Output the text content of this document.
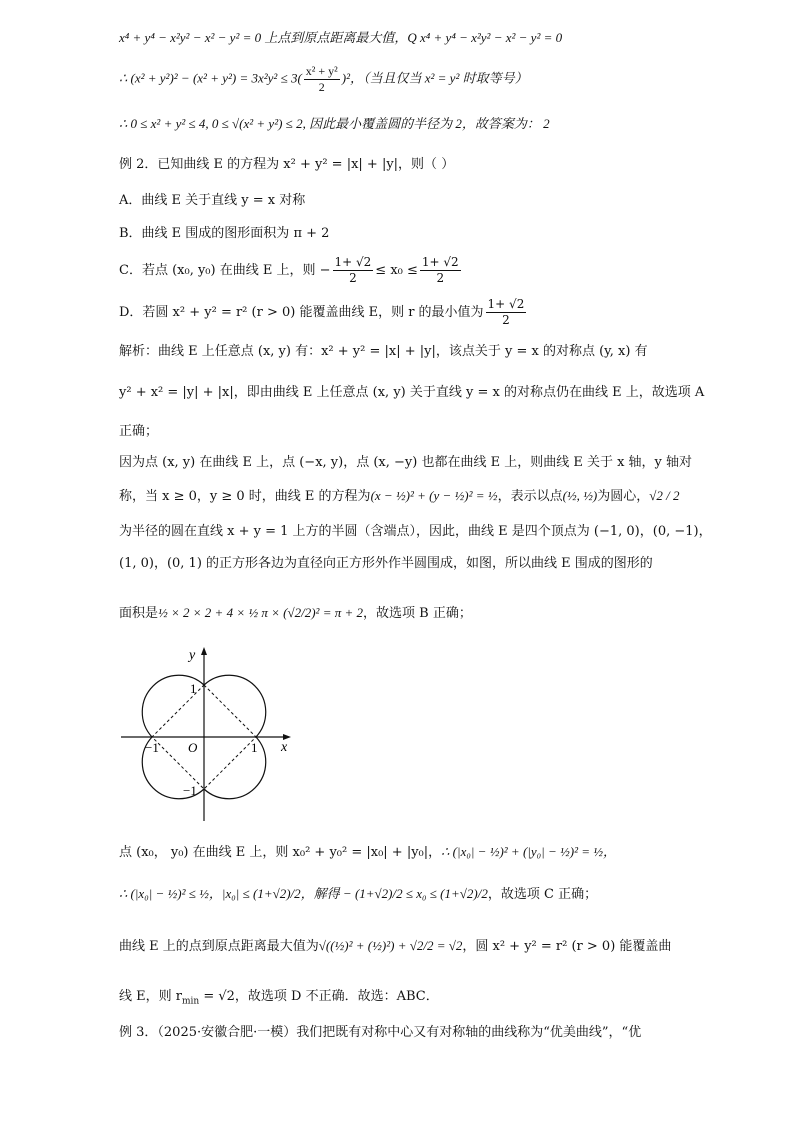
x⁴ + y⁴ − x²y² − x² − y² = 0 上点到原点距离最大值，Q x⁴ + y⁴ − x²y² − x² − y² = 0
∴ $(x^2 + y^2)^2 - (x^2 + y^2) = 3x^2y^2 \le 3( \frac{\text{x² + y²}}{2} )^2$，（当且仅当 x² = y² 时取等号）
∴ 0 ≤ x² + y² ≤ 4, 0 ≤ √(x² + y²) ≤ 2, 因此最小覆盖圆的半径为 2，故答案为： 2
例 2．已知曲线 E 的方程为 x² + y² = |x| + |y|，则（ ）
A．曲线 E 关于直线 y = x 对称
B．曲线 E 围成的图形面积为 π + 2
C．若点 (x₀, y₀) 在曲线 E 上，则 − $\frac{1+ √2}{2} \le x_0 \le \frac{1+ √2}{2}$
D．若圆 x² + y² = r² (r > 0) 能覆盖曲线 E，则 r 的最小值为 $\frac{1+ √2}{2}$
解析：曲线 E 上任意点 (x, y) 有：x² + y² = |x| + |y|，该点关于 y = x 的对称点 (y, x) 有
y² + x² = |y| + |x|，即由曲线 E 上任意点 (x, y) 关于直线 y = x 的对称点仍在曲线 E 上，故选项 A
正确；
因为点 (x, y) 在曲线 E 上，点 (−x, y)，点 (x, −y) 也都在曲线 E 上，则曲线 E 关于 x 轴，y 轴对
称，当 x ≥ 0，y ≥ 0 时，曲线 E 的方程为(x − ½)² + (y − ½)² = ½，表示以点(½, ½)为圆心，√2 / 2
为半径的圆在直线 x + y = 1 上方的半圆（含端点），因此，曲线 E 是四个顶点为 (−1, 0)，(0, −1)，
(1, 0)，(0, 1) 的正方形各边为直径向正方形外作半圆围成，如图，所以曲线 E 围成的图形的
面积是½ × 2 × 2 + 4 × ½ π × (√2/2)² = π + 2，故选项 B 正确；
y
x
O
1
1
−1
−1
点 (x₀， y₀) 在曲线 E 上，则 x₀² + y₀² = |x₀| + |y₀|，∴ (|x₀| − ½)² + (|y₀| − ½)² = ½，
∴ (|x₀| − ½)² ≤ ½，|x₀| ≤ (1+√2)/2，解得 − (1+√2)/2 ≤ x₀ ≤ (1+√2)/2，故选项 C 正确；
曲线 E 上的点到原点距离最大值为√((½)² + (½)²) + √2/2 = √2，圆 x² + y² = r² (r > 0) 能覆盖曲
线 E，则 $r_{min} = √2$，故选项 D 不正确．故选：ABC．
例 3．（2025·安徽合肥·一模）我们把既有对称中心又有对称轴的曲线称为“优美曲线”，“优
